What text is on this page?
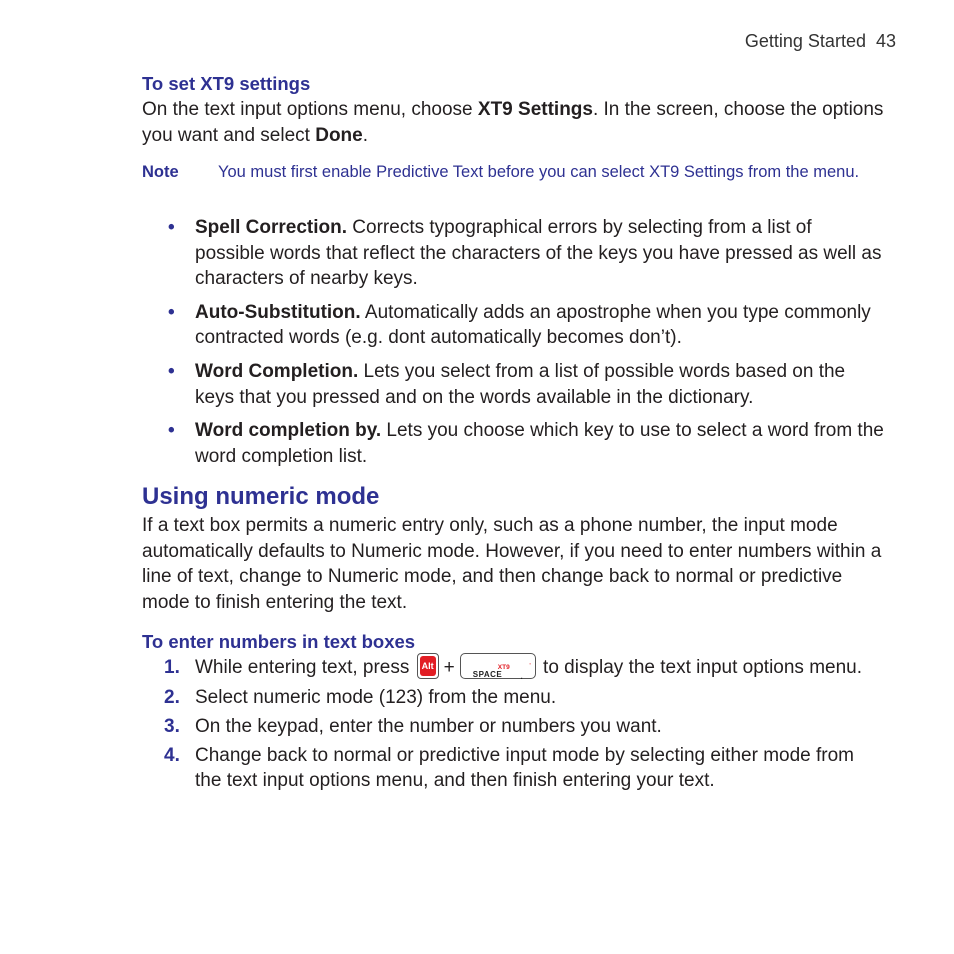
Getting Started 43
To set XT9 settings
On the text input options menu, choose XT9 Settings. In the screen, choose the options you want and select Done.
Note You must first enable Predictive Text before you can select XT9 Settings from the menu.
• Spell Correction. Corrects typographical errors by selecting from a list of possible words that reflect the characters of the keys you have pressed as well as characters of nearby keys.
• Auto-Substitution. Automatically adds an apostrophe when you type commonly contracted words (e.g. dont automatically becomes don’t).
• Word Completion. Lets you select from a list of possible words based on the keys that you pressed and on the words available in the dictionary.
• Word completion by. Lets you choose which key to use to select a word from the word completion list.
Using numeric mode
If a text box permits a numeric entry only, such as a phone number, the input mode automatically defaults to Numeric mode. However, if you need to enter numbers within a line of text, change to Numeric mode, and then change back to normal or predictive mode to finish entering the text.
To enter numbers in text boxes
1. While entering text, press Alt + SPACE
XT9	’
. to display the text input options menu.
2. Select numeric mode (123) from the menu.
3. On the keypad, enter the number or numbers you want.
4. Change back to normal or predictive input mode by selecting either mode from the text input options menu, and then finish entering your text.
